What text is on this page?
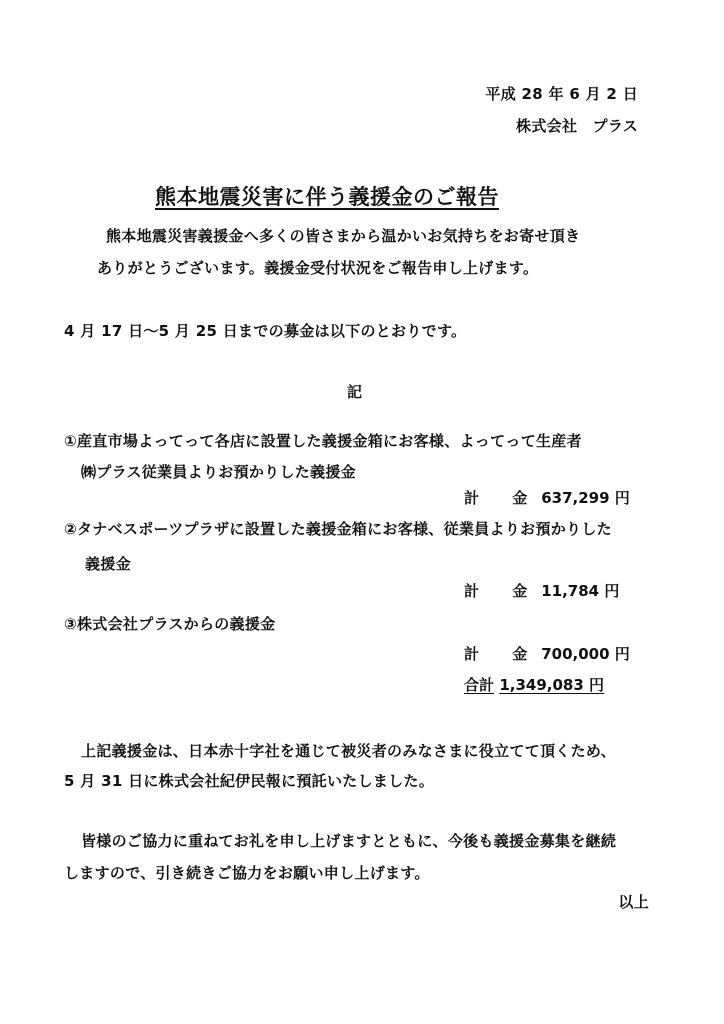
平成 28 年 6 月 2 日
株式会社　プラス
熊本地震災害に伴う義援金のご報告
熊本地震災害義援金へ多くの皆さまから温かいお気持ちをお寄せ頂き
ありがとうございます。義援金受付状況をご報告申し上げます。
4 月 17 日～5 月 25 日までの募金は以下のとおりです。
記
①産直市場よってって各店に設置した義援金箱にお客様、よってって生産者
㈱プラス従業員よりお預かりした義援金
計 金 637,299 円
②タナベスポーツプラザに設置した義援金箱にお客様、従業員よりお預かりした
義援金
計 金 11,784 円
③株式会社プラスからの義援金
計 金 700,000 円
合計 1,349,083 円
上記義援金は、日本赤十字社を通じて被災者のみなさまに役立てて頂くため、
5 月 31 日に株式会社紀伊民報に預託いたしました。
皆様のご協力に重ねてお礼を申し上げますとともに、今後も義援金募集を継続
しますので、引き続きご協力をお願い申し上げます。
以上
